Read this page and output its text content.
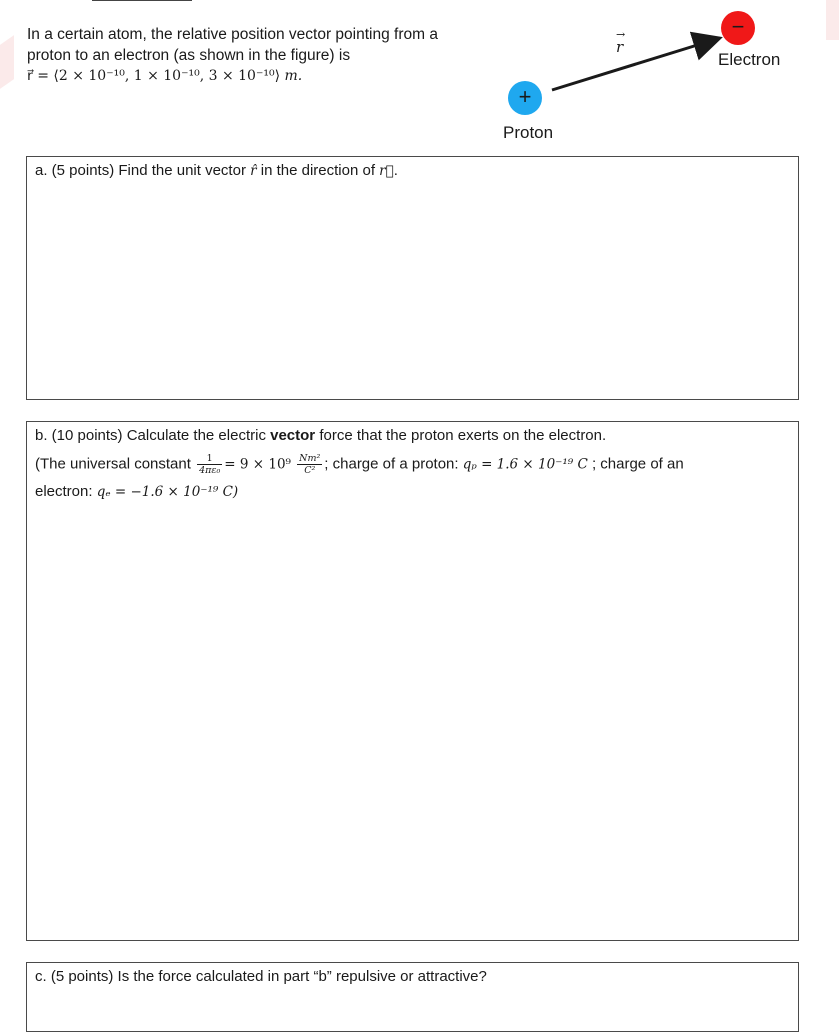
In a certain atom, the relative position vector pointing from a
proton to an electron (as shown in the figure) is
r⃗ = ⟨2 × 10⁻¹⁰, 1 × 10⁻¹⁰, 3 × 10⁻¹⁰⟩ m.
+
−
Electron
Proton
→
r
a. (5 points) Find the unit vector r̂ in the direction of r⃗.
b. (10 points) Calculate the electric vector force that the proton exerts on the electron.
(The universal constant $\frac{1}{\text{4πε₀}} = 9 \times 10^9 \frac{\text{Nm²}}{\text{C²}}$ ; charge of a proton: qₚ = 1.6 × 10⁻¹⁹ C ; charge of an
electron: qₑ = −1.6 × 10⁻¹⁹ C)
c. (5 points) Is the force calculated in part “b” repulsive or attractive?
